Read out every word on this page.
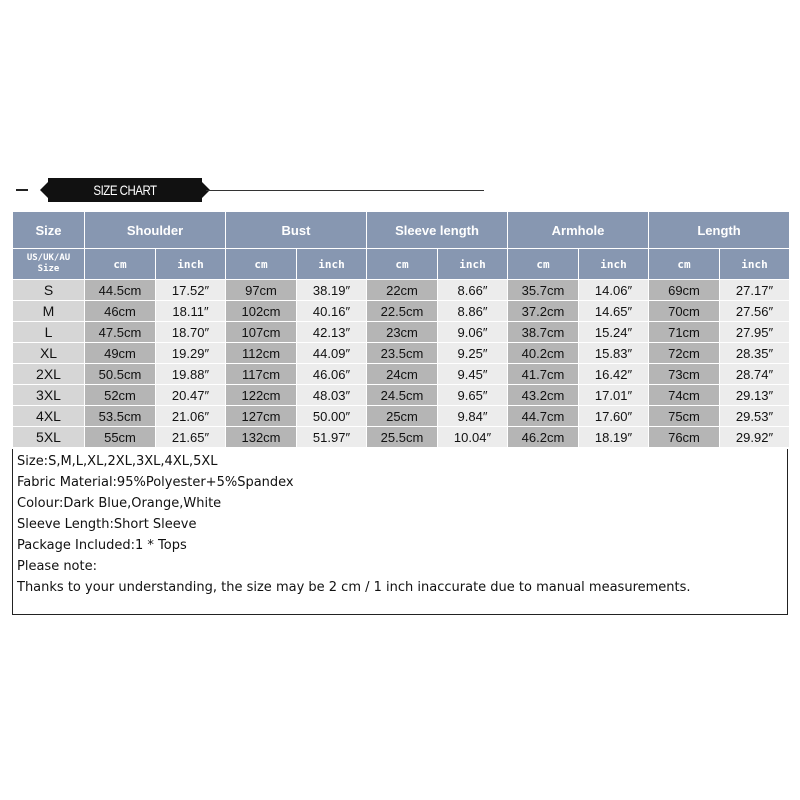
SIZE CHART
Size	Shoulder		Bust		Sleeve length		Armhole		Length	
US/UK/AU
Size	cm	inch	cm	inch	cm	inch	cm	inch	cm	inch
S	44.5cm	17.52″	97cm	38.19″	22cm	8.66″	35.7cm	14.06″	69cm	27.17″
M	46cm	18.11″	102cm	40.16″	22.5cm	8.86″	37.2cm	14.65″	70cm	27.56″
L	47.5cm	18.70″	107cm	42.13″	23cm	9.06″	38.7cm	15.24″	71cm	27.95″
XL	49cm	19.29″	112cm	44.09″	23.5cm	9.25″	40.2cm	15.83″	72cm	28.35″
2XL	50.5cm	19.88″	117cm	46.06″	24cm	9.45″	41.7cm	16.42″	73cm	28.74″
3XL	52cm	20.47″	122cm	48.03″	24.5cm	9.65″	43.2cm	17.01″	74cm	29.13″
4XL	53.5cm	21.06″	127cm	50.00″	25cm	9.84″	44.7cm	17.60″	75cm	29.53″
5XL	55cm	21.65″	132cm	51.97″	25.5cm	10.04″	46.2cm	18.19″	76cm	29.92″
Size:S,M,L,XL,2XL,3XL,4XL,5XL
Fabric Material:95%Polyester+5%Spandex
Colour:Dark Blue,Orange,White
Sleeve Length:Short Sleeve
Package Included:1 * Tops
Please note:
Thanks to your understanding, the size may be 2 cm / 1 inch inaccurate due to manual measurements.
